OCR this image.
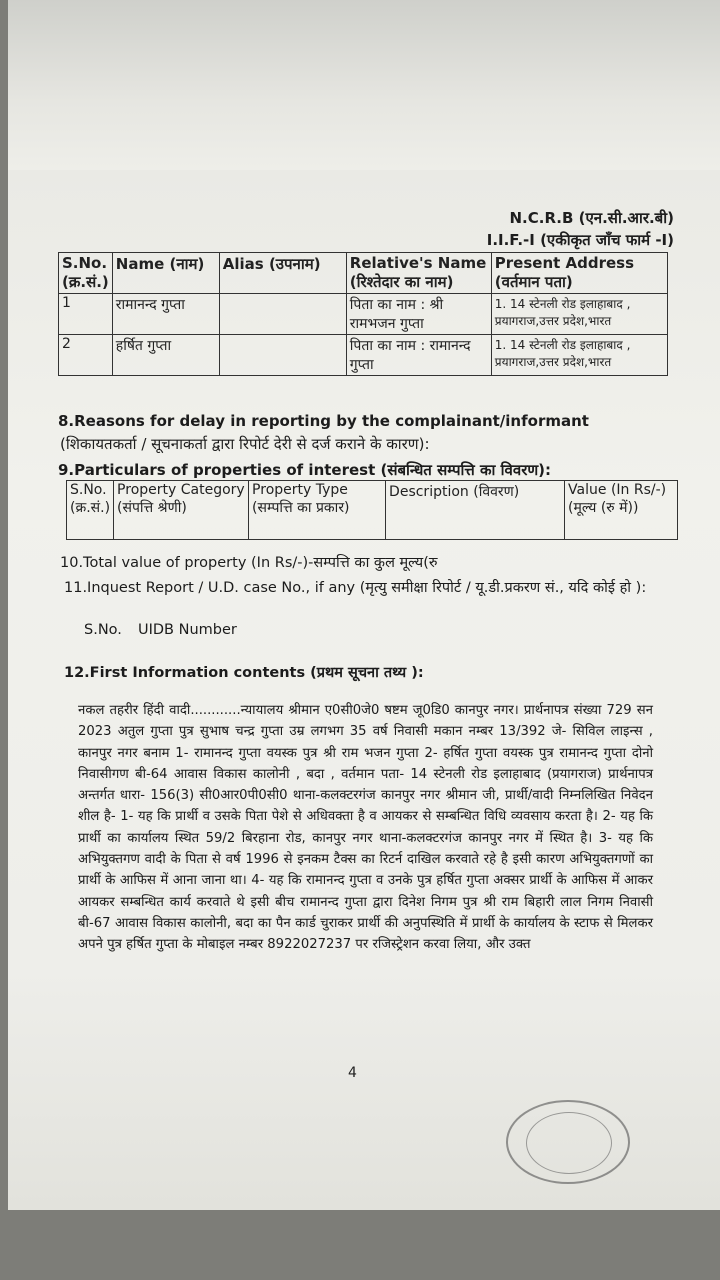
N.C.R.B (एन.सी.आर.बी)
I.I.F.-I (एकीकृत जाँच फार्म -I)
S.No. (क्र.सं.)	Name (नाम)	Alias (उपनाम)	Relative's Name (रिश्तेदार का नाम)	Present Address (वर्तमान पता)
1	रामानन्द गुप्ता		पिता का नाम : श्री रामभजन गुप्ता	1. 14 स्टेनली रोड इलाहाबाद , प्रयागराज,उत्तर प्रदेश,भारत
2	हर्षित गुप्ता		पिता का नाम : रामानन्द गुप्ता	1. 14 स्टेनली रोड इलाहाबाद , प्रयागराज,उत्तर प्रदेश,भारत
8.Reasons for delay in reporting by the complainant/informant
(शिकायतकर्ता / सूचनाकर्ता द्वारा रिपोर्ट देरी से दर्ज कराने के कारण):
9.Particulars of properties of interest (संबन्धित सम्पत्ति का विवरण):
S.No. (क्र.सं.)	Property Category (संपत्ति श्रेणी)	Property Type (सम्पत्ति का प्रकार)	Description (विवरण)	Value (In Rs/-) (मूल्य (रु में))
10.Total value of property (In Rs/-)-सम्पत्ति का कुल मूल्य(रु
11.Inquest Report / U.D. case No., if any (मृत्यु समीक्षा रिपोर्ट / यू.डी.प्रकरण सं., यदि कोई हो ):
S.No. UIDB Number
12.First Information contents (प्रथम सूचना तथ्य ):
नकल तहरीर हिंदी वादी............न्यायालय श्रीमान ए0सी0जे0 षष्टम जू0डि0 कानपुर नगर। प्रार्थनापत्र संख्या 729 सन 2023 अतुल गुप्ता पुत्र सुभाष चन्द्र गुप्ता उम्र लगभग 35 वर्ष निवासी मकान नम्बर 13/392 जे- सिविल लाइन्स , कानपुर नगर बनाम 1- रामानन्द गुप्ता वयस्क पुत्र श्री राम भजन गुप्ता 2- हर्षित गुप्ता वयस्क पुत्र रामानन्द गुप्ता दोनो निवासीगण बी-64 आवास विकास कालोनी , बदा , वर्तमान पता- 14 स्टेनली रोड इलाहाबाद (प्रयागराज) प्रार्थनापत्र अन्तर्गत धारा- 156(3) सी0आर0पी0सी0 थाना-कलक्टरगंज कानपुर नगर श्रीमान जी, प्रार्थी/वादी निम्नलिखित निवेदन शील है- 1- यह कि प्रार्थी व उसके पिता पेशे से अधिवक्ता है व आयकर से सम्बन्धित विधि व्यवसाय करता है। 2- यह कि प्रार्थी का कार्यालय स्थित 59/2 बिरहाना रोड, कानपुर नगर थाना-कलक्टरगंज कानपुर नगर में स्थित है। 3- यह कि अभियुक्तगण वादी के पिता से वर्ष 1996 से इनकम टैक्स का रिटर्न दाखिल करवाते रहे है इसी कारण अभियुक्तगणों का प्रार्थी के आफिस में आना जाना था। 4- यह कि रामानन्द गुप्ता व उनके पुत्र हर्षित गुप्ता अक्सर प्रार्थी के आफिस में आकर आयकर सम्बन्धित कार्य करवाते थे इसी बीच रामानन्द गुप्ता द्वारा दिनेश निगम पुत्र श्री राम बिहारी लाल निगम निवासी बी-67 आवास विकास कालोनी, बदा का पैन कार्ड चुराकर प्रार्थी की अनुपस्थिति में प्रार्थी के कार्यालय के स्टाफ से मिलकर अपने पुत्र हर्षित गुप्ता के मोबाइल नम्बर 8922027237 पर रजिस्ट्रेशन करवा लिया, और उक्त
4
